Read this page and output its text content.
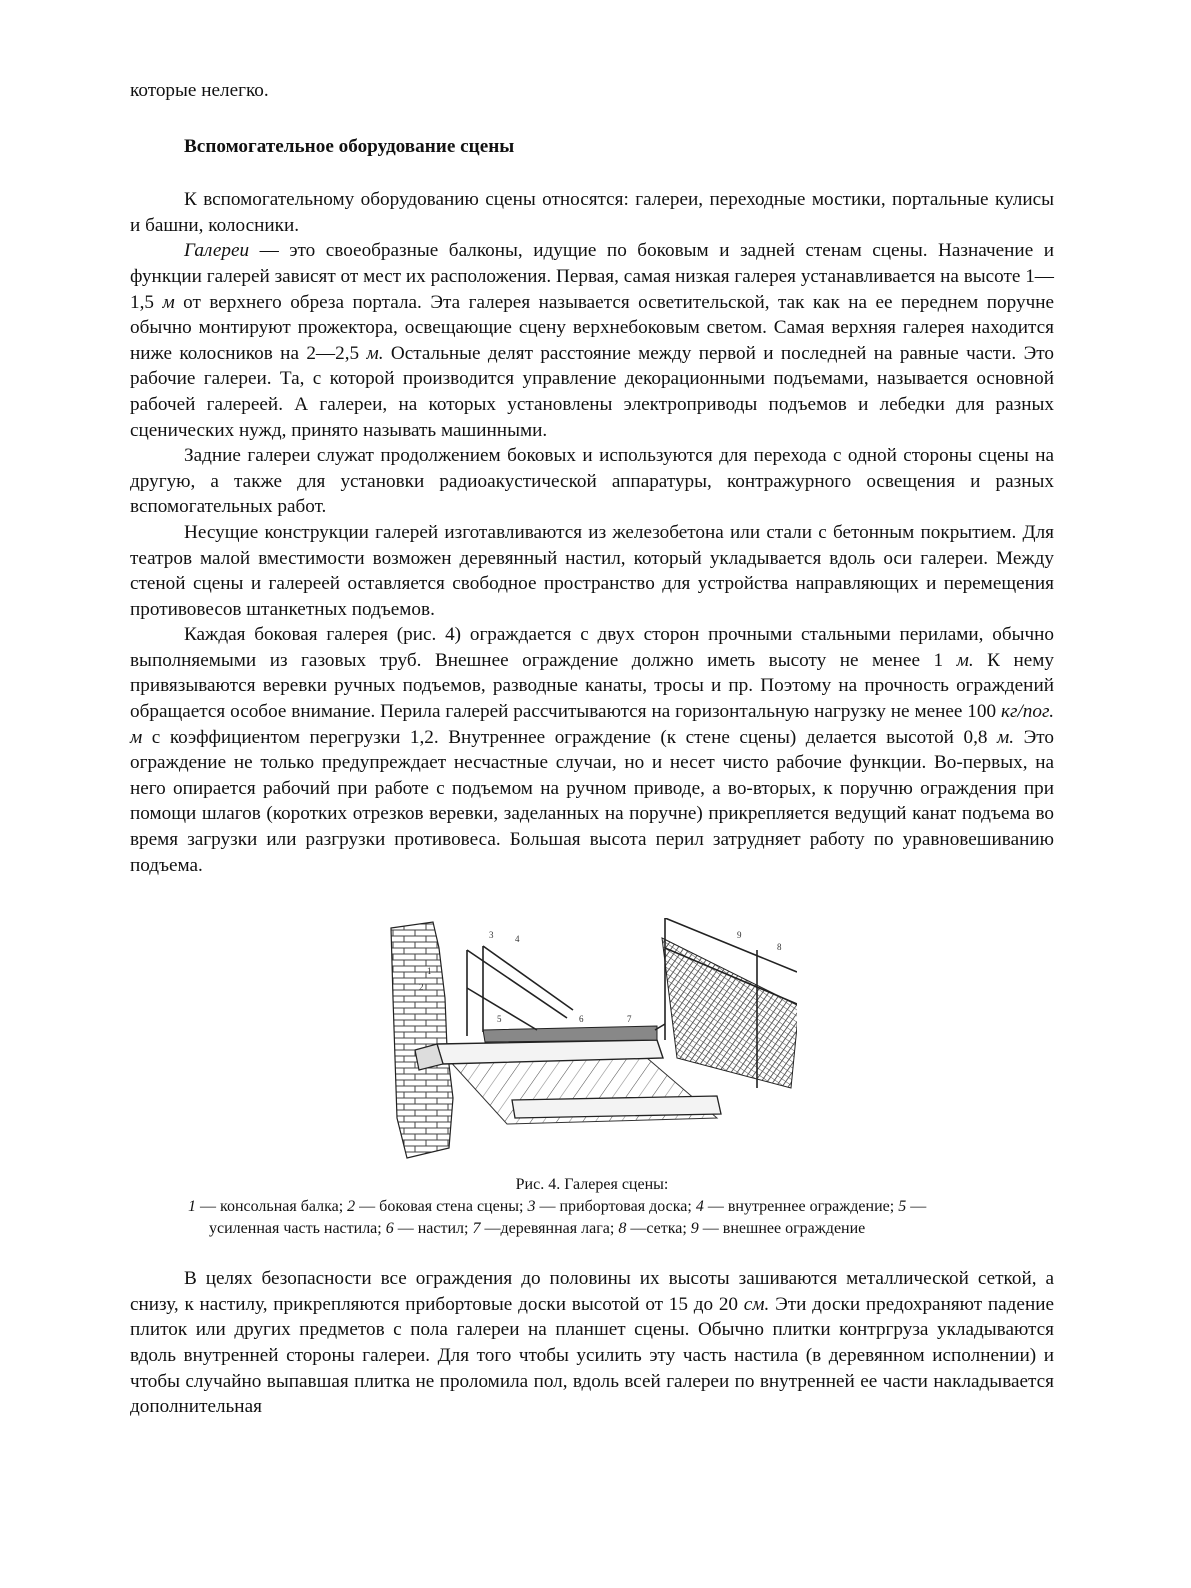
которые нелегко.

Вспомогательное оборудование сцены

К вспомогательному оборудованию сцены относятся: галереи, переходные мостики, портальные кулисы и башни, колосники.

Галереи — это своеобразные балконы, идущие по боковым и задней стенам сцены. Назначение и функции галерей зависят от мест их расположения. Первая, самая низкая галерея устанавливается на высоте 1—1,5 м от верхнего обреза портала. Эта галерея называется осветительской, так как на ее переднем поручне обычно монтируют прожектора, освещающие сцену верхнебоковым светом. Самая верхняя галерея находится ниже колосников на 2—2,5 м. Остальные делят расстояние между первой и последней на равные части. Это рабочие галереи. Та, с которой производится управление декорационными подъемами, называется основной рабочей галереей. А галереи, на которых установлены электроприводы подъемов и лебедки для разных сценических нужд, принято называть машинными.

Задние галереи служат продолжением боковых и используются для перехода с одной стороны сцены на другую, а также для установки радиоакустической аппаратуры, контражурного освещения и разных вспомогательных работ.

Несущие конструкции галерей изготавливаются из железобетона или стали с бетонным покрытием. Для театров малой вместимости возможен деревянный настил, который укладывается вдоль оси галереи. Между стеной сцены и галереей оставляется свободное пространство для устройства направляющих и перемещения противовесов штанкетных подъемов.

Каждая боковая галерея (рис. 4) ограждается с двух сторон прочными стальными перилами, обычно выполняемыми из газовых труб. Внешнее ограждение должно иметь высоту не менее 1 м. К нему привязываются веревки ручных подъемов, разводные канаты, тросы и пр. Поэтому на прочность ограждений обращается особое внимание. Перила галерей рассчитываются на горизонтальную нагрузку не менее 100 кг/пог. м с коэффициентом перегрузки 1,2. Внутреннее ограждение (к стене сцены) делается высотой 0,8 м. Это ограждение не только предупреждает несчастные случаи, но и несет чисто рабочие функции. Во-первых, на него опирается рабочий при работе с подъемом на ручном приводе, а во-вторых, к поручню ограждения при помощи шлагов (коротких отрезков веревки, заделанных на поручне) прикрепляется ведущий канат подъема во время загрузки или разгрузки противовеса. Большая высота перил затрудняет работу по уравновешиванию подъема.

1
2
3 4
5	6	7
8
9

Рис. 4. Галерея сцены:

1 — консольная балка; 2 — боковая стена сцены; 3 — прибортовая доска; 4 — внутреннее ограждение; 5 —
усиленная часть настила; 6 — настил; 7 —деревянная лага; 8 —сетка; 9 — внешнее ограждение

В целях безопасности все ограждения до половины их высоты зашиваются металлической сеткой, а снизу, к настилу, прикрепляются прибортовые доски высотой от 15 до 20 см. Эти доски предохраняют падение плиток или других предметов с пола галереи на планшет сцены. Обычно плитки контргруза укладываются вдоль внутренней стороны галереи. Для того чтобы усилить эту часть настила (в деревянном исполнении) и чтобы случайно выпавшая плитка не проломила пол, вдоль всей галереи по внутренней ее части накладывается дополнительная
